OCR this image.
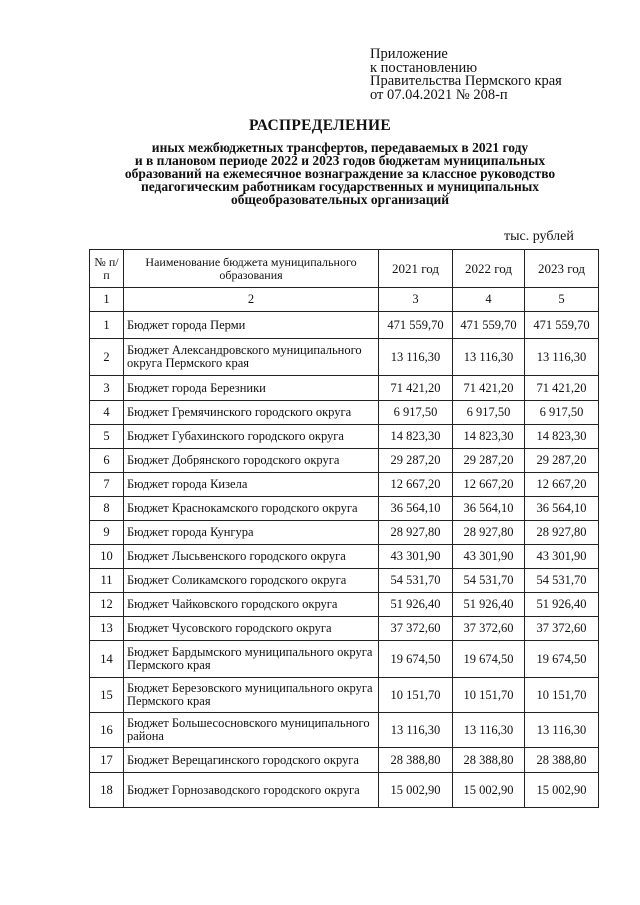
Приложение
к постановлению
Правительства Пермского края
от 07.04.2021 № 208-п
РАСПРЕДЕЛЕНИЕ
иных межбюджетных трансфертов, передаваемых в 2021 году
и в плановом периоде 2022 и 2023 годов бюджетам муниципальных
образований на ежемесячное вознаграждение за классное руководство
педагогическим работникам государственных и муниципальных
общеобразовательных организаций
тыс. рублей
№ п/п	Наименование бюджета муниципального образования	2021 год	2022 год	2023 год
1	2	3	4	5
1	Бюджет города Перми	471 559,70	471 559,70	471 559,70
2	Бюджет Александровского муниципального округа Пермского края	13 116,30	13 116,30	13 116,30
3	Бюджет города Березники	71 421,20	71 421,20	71 421,20
4	Бюджет Гремячинского городского округа	6 917,50	6 917,50	6 917,50
5	Бюджет Губахинского городского округа	14 823,30	14 823,30	14 823,30
6	Бюджет Добрянского городского округа	29 287,20	29 287,20	29 287,20
7	Бюджет города Кизела	12 667,20	12 667,20	12 667,20
8	Бюджет Краснокамского городского округа	36 564,10	36 564,10	36 564,10
9	Бюджет города Кунгура	28 927,80	28 927,80	28 927,80
10	Бюджет Лысьвенского городского округа	43 301,90	43 301,90	43 301,90
11	Бюджет Соликамского городского округа	54 531,70	54 531,70	54 531,70
12	Бюджет Чайковского городского округа	51 926,40	51 926,40	51 926,40
13	Бюджет Чусовского городского округа	37 372,60	37 372,60	37 372,60
14	Бюджет Бардымского муниципального округа Пермского края	19 674,50	19 674,50	19 674,50
15	Бюджет Березовского муниципального округа Пермского края	10 151,70	10 151,70	10 151,70
16	Бюджет Большесосновского муниципального района	13 116,30	13 116,30	13 116,30
17	Бюджет Верещагинского городского округа	28 388,80	28 388,80	28 388,80
18	Бюджет Горнозаводского городского округа	15 002,90	15 002,90	15 002,90
